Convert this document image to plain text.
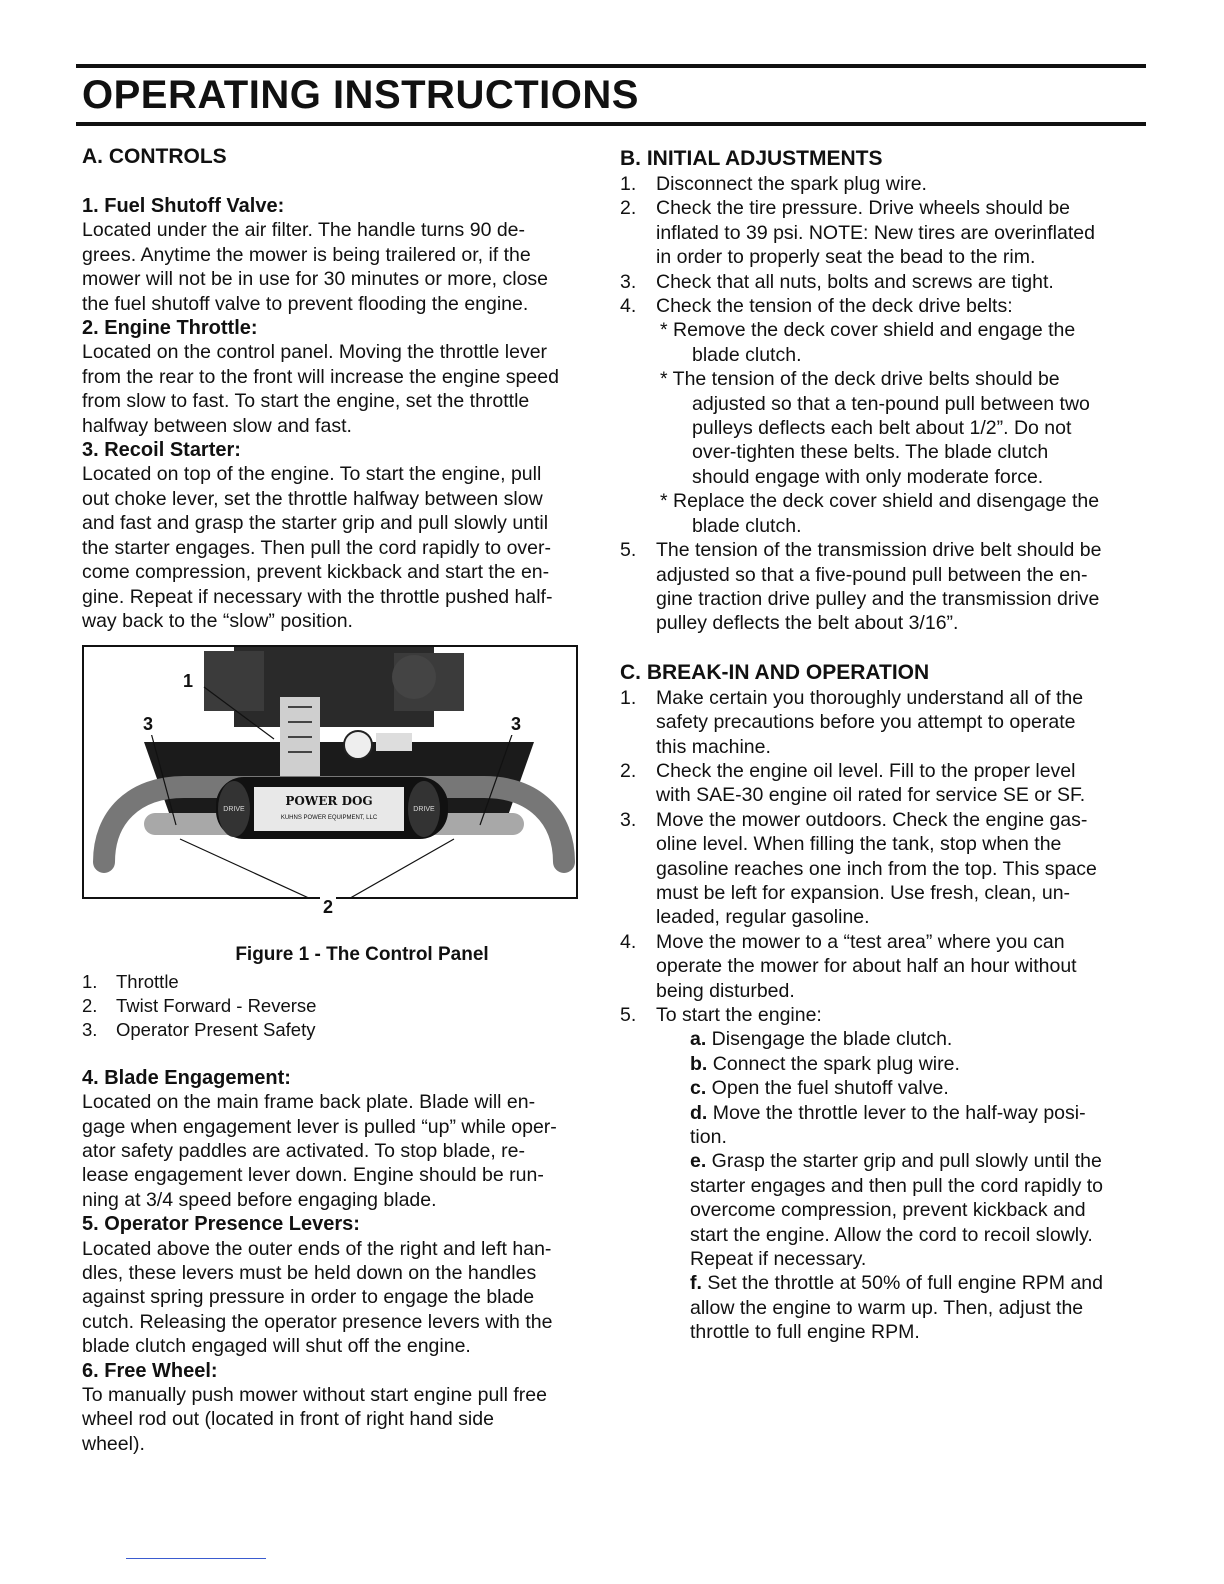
OPERATING INSTRUCTIONS

A. CONTROLS

1. Fuel Shutoff Valve:

Located under the air filter. The handle turns 90 de-
grees. Anytime the mower is being trailered or, if the
mower will not be in use for 30 minutes or more, close
the fuel shutoff valve to prevent flooding the engine.

2. Engine Throttle:

Located on the control panel. Moving the throttle lever
from the rear to the front will increase the engine speed
from slow to fast. To start the engine, set the throttle
halfway between slow and fast.

3. Recoil Starter:

Located on top of the engine. To start the engine, pull
out choke lever, set the throttle halfway between slow
and fast and grasp the starter grip and pull slowly until
the starter engages. Then pull the cord rapidly to over-
come compression, prevent kickback and start the en-
gine. Repeat if necessary with the throttle pushed half-
way back to the “slow” position.
POWER DOG
KUHNS POWER EQUIPMENT, LLC
DRIVE	DRIVE
1
3	3
2

Figure 1 - The Control Panel

1. Throttle
2. Twist Forward - Reverse
3. Operator Present Safety

4. Blade Engagement:

Located on the main frame back plate. Blade will en-
gage when engagement lever is pulled “up” while oper-
ator safety paddles are activated. To stop blade, re-
lease engagement lever down. Engine should be run-
ning at 3/4 speed before engaging blade.

5. Operator Presence Levers:

Located above the outer ends of the right and left han-
dles, these levers must be held down on the handles
against spring pressure in order to engage the blade
cutch. Releasing the operator presence levers with the
blade clutch engaged will shut off the engine.

6. Free Wheel:

To manually push mower without start engine pull free
wheel rod out (located in front of right hand side
wheel).

B. INITIAL ADJUSTMENTS

1. Disconnect the spark plug wire.
2. Check the tire pressure. Drive wheels should be
inflated to 39 psi. NOTE: New tires are overinflated
in order to properly seat the bead to the rim.
3. Check that all nuts, bolts and screws are tight.
4. Check the tension of the deck drive belts:
* Remove the deck cover shield and engage the
blade clutch.
* The tension of the deck drive belts should be
adjusted so that a ten-pound pull between two
pulleys deflects each belt about 1/2”. Do not
over-tighten these belts. The blade clutch
should engage with only moderate force.
* Replace the deck cover shield and disengage the
blade clutch.
5. The tension of the transmission drive belt should be
adjusted so that a five-pound pull between the en-
gine traction drive pulley and the transmission drive
pulley deflects the belt about 3/16”.

C. BREAK-IN AND OPERATION

1. Make certain you thoroughly understand all of the
safety precautions before you attempt to operate
this machine.
2. Check the engine oil level. Fill to the proper level
with SAE-30 engine oil rated for service SE or SF.
3. Move the mower outdoors. Check the engine gas-
oline level. When filling the tank, stop when the
gasoline reaches one inch from the top. This space
must be left for expansion. Use fresh, clean, un-
leaded, regular gasoline.
4. Move the mower to a “test area” where you can
operate the mower for about half an hour without
being disturbed.
5. To start the engine:
a. Disengage the blade clutch.
b. Connect the spark plug wire.
c. Open the fuel shutoff valve.
d. Move the throttle lever to the half-way posi-
tion.
e. Grasp the starter grip and pull slowly until the
starter engages and then pull the cord rapidly to
overcome compression, prevent kickback and
start the engine. Allow the cord to recoil slowly.
Repeat if necessary.
f. Set the throttle at 50% of full engine RPM and
allow the engine to warm up. Then, adjust the
throttle to full engine RPM.
